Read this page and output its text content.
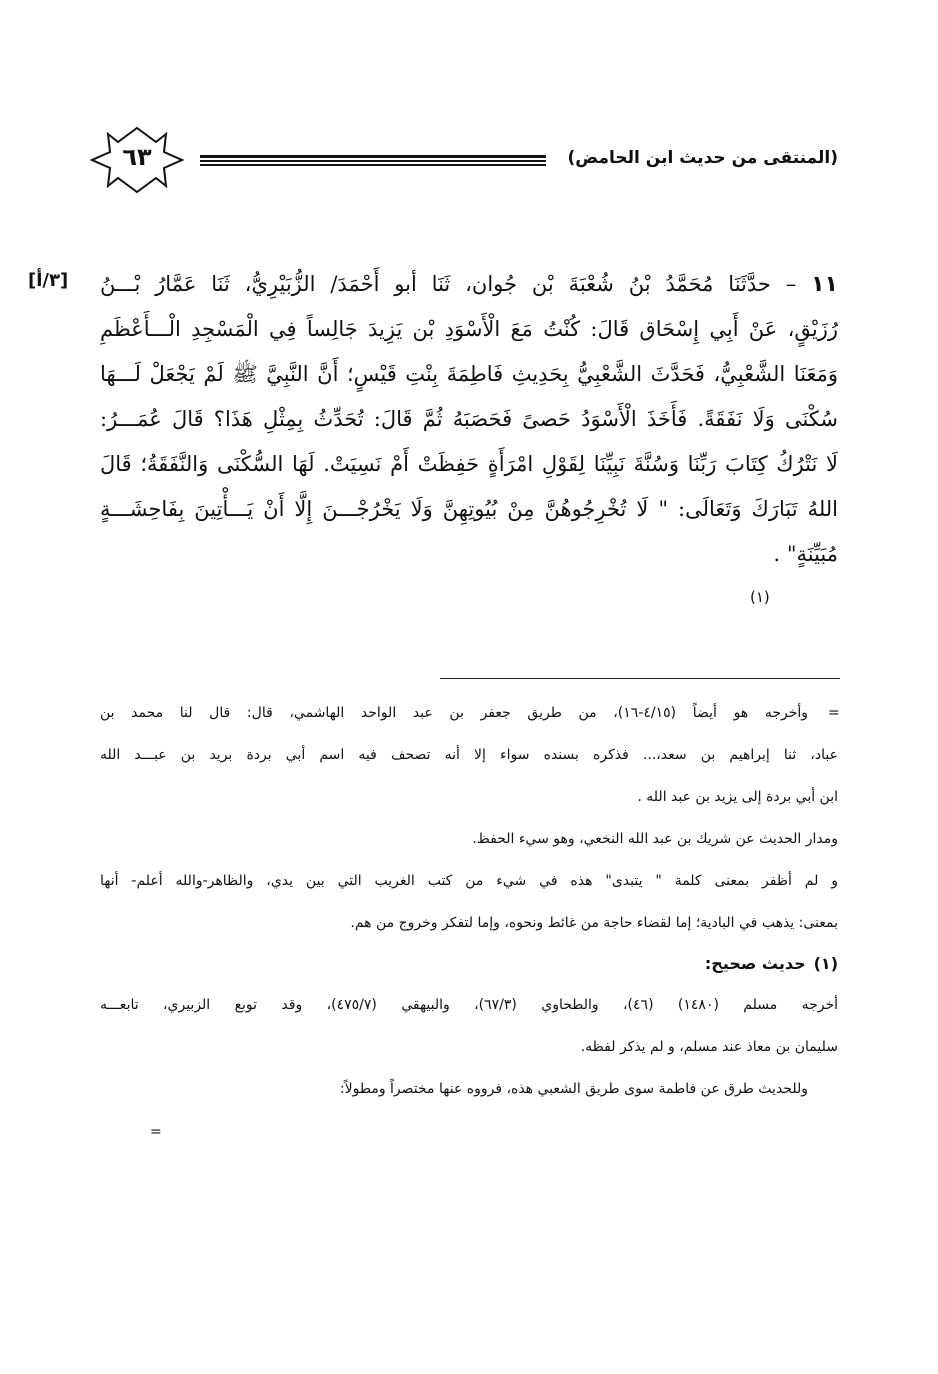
(المنتقى من حديث ابن الحامض)
٦٣
[٣/أ]	١١ – حدَّثَنَا مُحَمَّدُ بْنُ شُعْبَةَ بْن جُوان، ثَنَا أبو أَحْمَدَ/ الزُّبَيْرِيُّ، ثَنَا عَمَّارُ بْـــنُ
رُزَيْقٍ، عَنْ أَبِي إِسْحَاق قَالَ: كُنْتُ مَعَ الْأَسْوَدِ بْن يَزِيدَ جَالِساً فِي الْمَسْجِدِ الْـــأَعْظَمِ
وَمَعَنَا الشَّعْبِيُّ، فَحَدَّثَ الشَّعْبِيُّ بِحَدِيثِ فَاطِمَةَ بِنْتِ قَيْسٍ؛ أَنَّ النَّبِيَّ ﷺ لَمْ يَجْعَلْ لَـــهَا
سُكْنَى وَلَا نَفَقَةً. فَأَخَذَ الْأَسْوَدُ حَصىً فَحَصَبَهُ ثُمَّ قَالَ: تُحَدِّثُ بِمِثْلِ هَذَا؟ قَالَ عُمَـــرُ:
لَا نَتْرُكُ كِتَابَ رَبِّنَا وَسُنَّةَ نَبِيِّنَا لِقَوْلِ امْرَأَةٍ حَفِظَتْ أَمْ نَسِيَتْ. لَهَا السُّكْنَى وَالنَّفَقَةُ؛ قَالَ
اللهُ تَبَارَكَ وَتَعَالَى: " لَا تُخْرِجُوهُنَّ مِنْ بُيُوتِهِنَّ وَلَا يَخْرُجْـــنَ إِلَّا أَنْ يَـــأْتِينَ بِفَاحِشَـــةٍ
مُبَيِّنَةٍ" .
(١)
=
وأخرجه هو أيضاً (٤/١٥-١٦)، من طريق جعفر بن عبد الواحد الهاشمي، قال: قال لنا محمد بن
عباد، ثنا إبراهيم بن سعد،... فذكره بسنده سواء إلا أنه تصحف فيه اسم أبي بردة بريد بن عبـــد الله
ابن أبي بردة إلى يزيد بن عبد الله .
ومدار الحديث عن شريك بن عبد الله النخعي، وهو سيء الحفظ.
و لم أظفر بمعنى كلمة " يتبدى" هذه في شيء من كتب الغريب التي بين يدي، والظاهر-والله أعلم- أنها
بمعنى: يذهب في البادية؛ إما لقضاء حاجة من غائط ونحوه، وإما لتفكر وخروج من هم.
(١)حديث صحيح:
أخرجه مسلم (١٤٨٠) (٤٦)، والطحاوي (٦٧/٣)، والبيهقي (٤٧٥/٧)، وقد توبع الزبيري، تابعـــه
سليمان بن معاذ عند مسلم، و لم يذكر لفظه.
وللحديث طرق عن فاطمة سوى طريق الشعبي هذه، فرووه عنها مختصراً ومطولاً:
=
